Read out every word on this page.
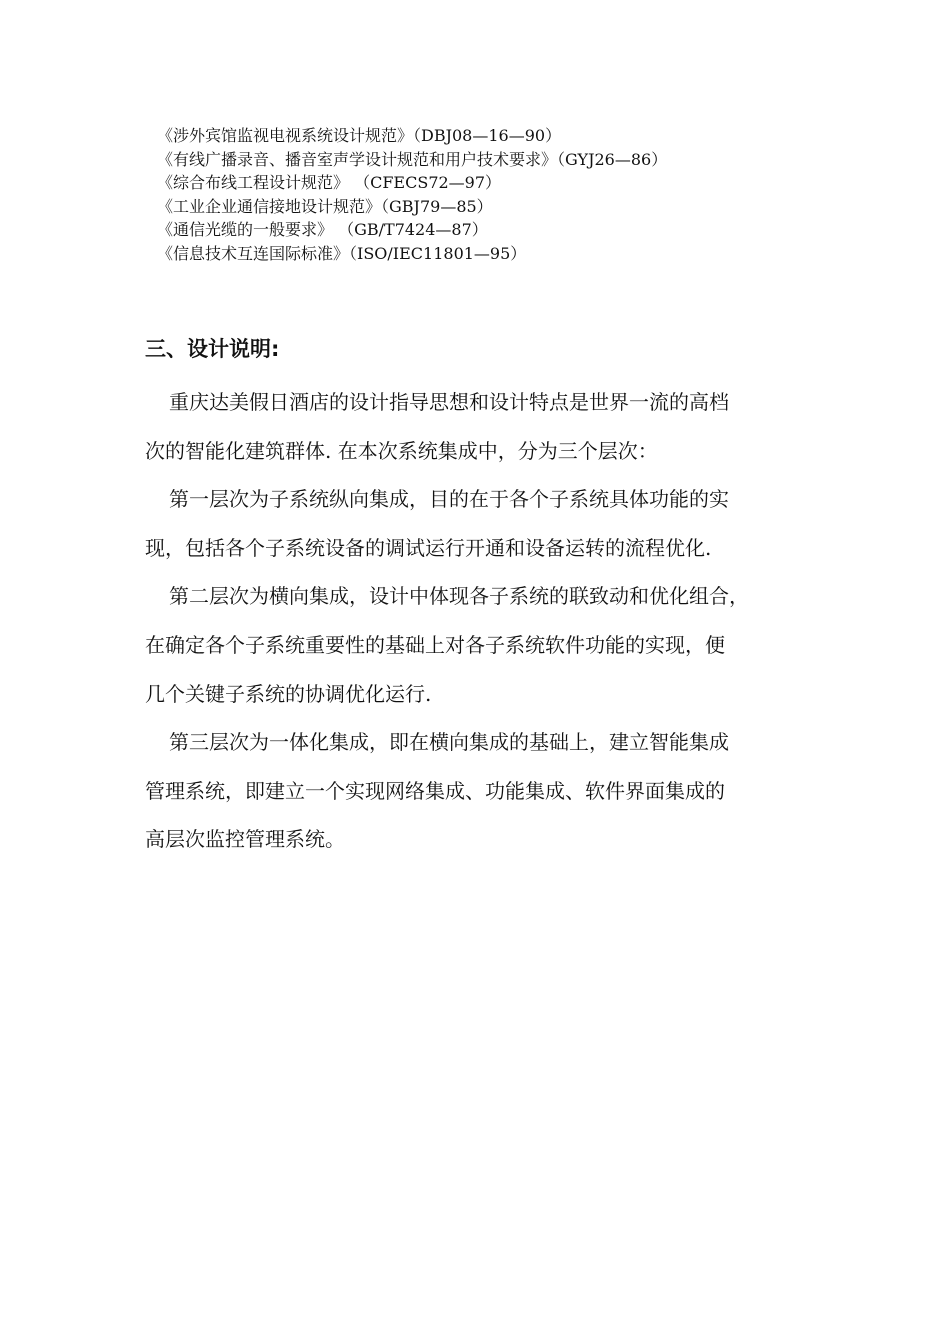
《涉外宾馆监视电视系统设计规范》（DBJ08—16—90）
《有线广播录音、播音室声学设计规范和用户技术要求》（GYJ26—86）
《综合布线工程设计规范》 （CFECS72—97）
《工业企业通信接地设计规范》（GBJ79—85）
《通信光缆的一般要求》 （GB/T7424—87）
《信息技术互连国际标准》（ISO/IEC11801—95）
三、设计说明:
重庆达美假日酒店的设计指导思想和设计特点是世界一流的高档
次的智能化建筑群体. 在本次系统集成中，分为三个层次：
第一层次为子系统纵向集成，目的在于各个子系统具体功能的实
现，包括各个子系统设备的调试运行开通和设备运转的流程优化.
第二层次为横向集成，设计中体现各子系统的联致动和优化组合，
在确定各个子系统重要性的基础上对各子系统软件功能的实现，便
几个关键子系统的协调优化运行.
第三层次为一体化集成，即在横向集成的基础上，建立智能集成
管理系统，即建立一个实现网络集成、功能集成、软件界面集成的
高层次监控管理系统。
